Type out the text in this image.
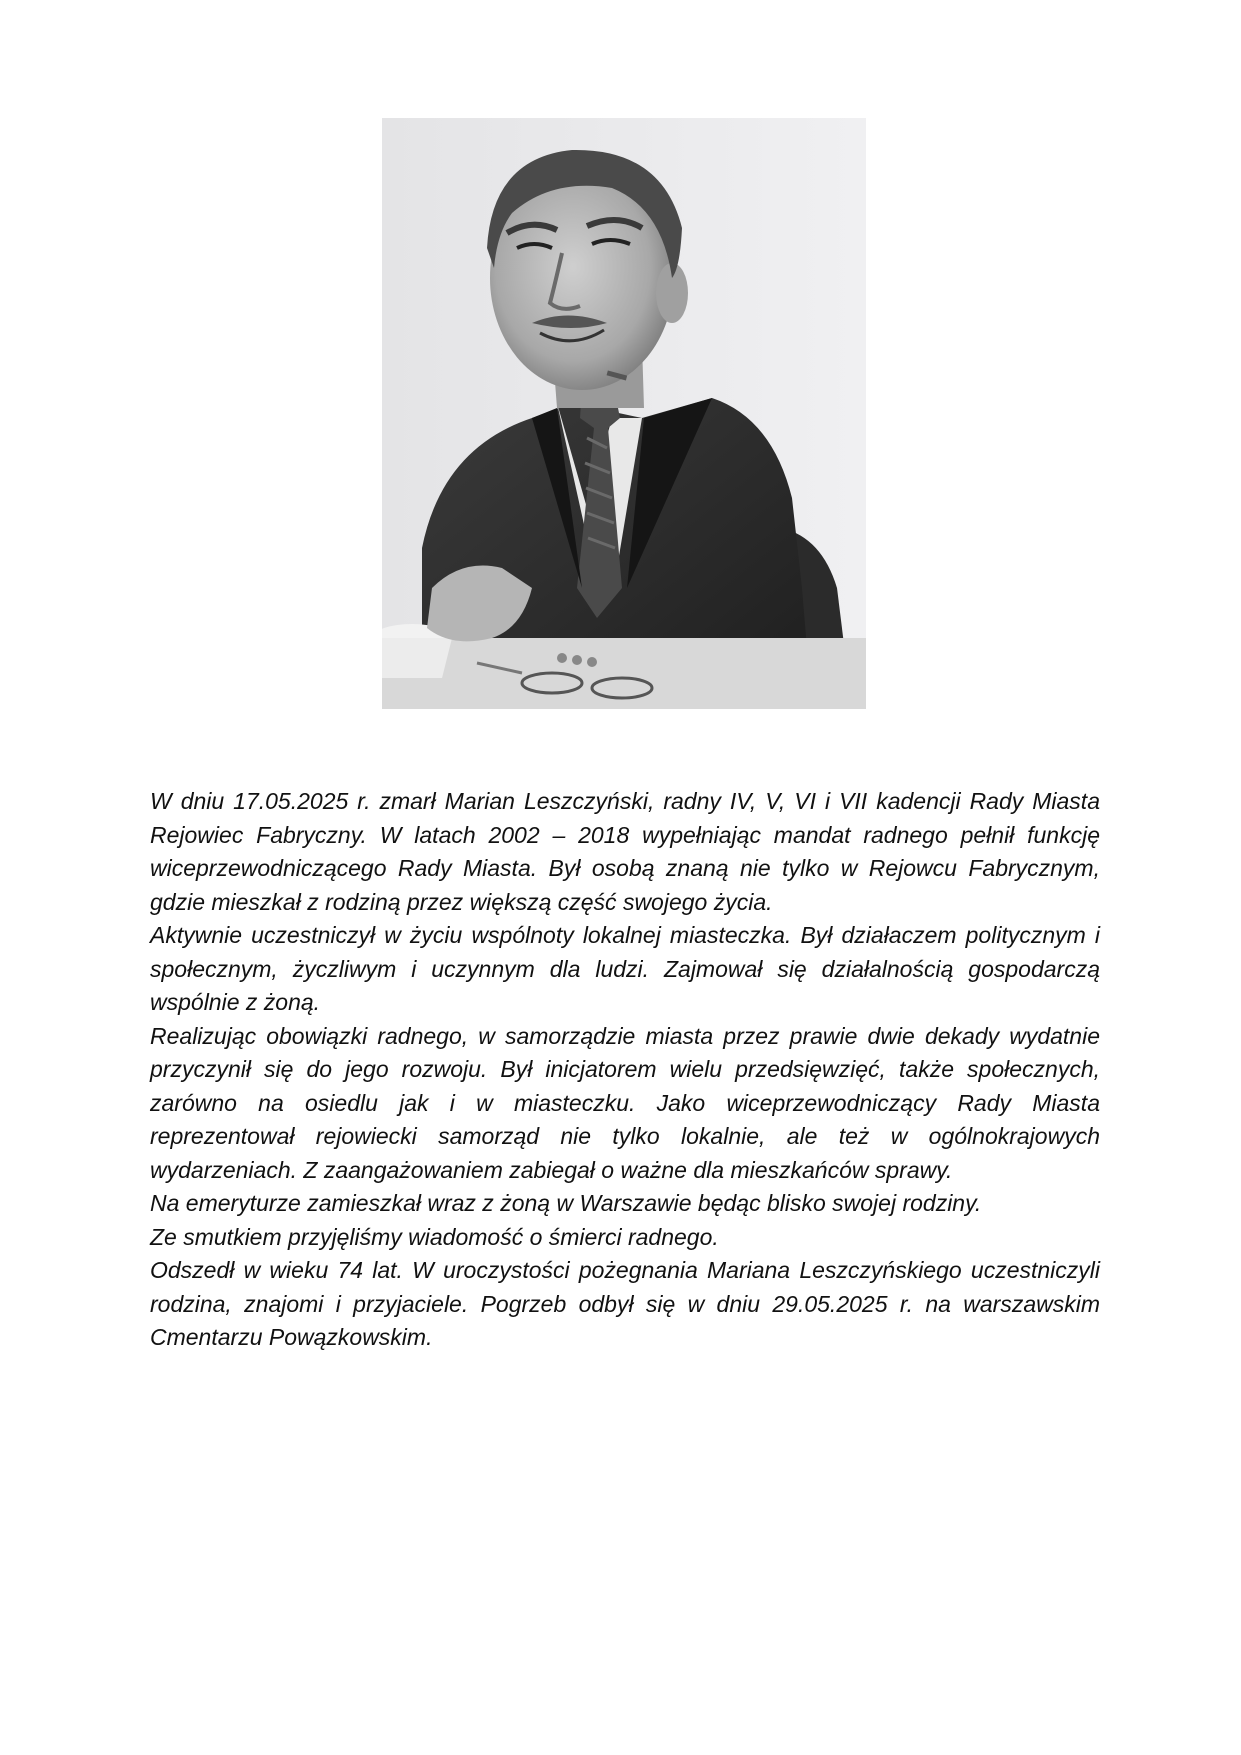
W dniu 17.05.2025 r. zmarł Marian Leszczyński, radny IV, V, VI i VII kadencji Rady Miasta Rejowiec Fabryczny. W latach 2002 – 2018 wypełniając mandat radnego pełnił funkcję wiceprzewodniczącego Rady Miasta. Był osobą znaną nie tylko w Rejowcu Fabrycznym, gdzie mieszkał z rodziną przez większą część swojego życia.

Aktywnie uczestniczył w życiu wspólnoty lokalnej miasteczka. Był działaczem politycznym i społecznym, życzliwym i uczynnym dla ludzi. Zajmował się działalnością gospodarczą wspólnie z żoną.

Realizując obowiązki radnego, w samorządzie miasta przez prawie dwie dekady wydatnie przyczynił się do jego rozwoju. Był inicjatorem wielu przedsięwzięć, także społecznych, zarówno na osiedlu jak i w miasteczku. Jako wiceprzewodniczący Rady Miasta reprezentował rejowiecki samorząd nie tylko lokalnie, ale też w ogólnokrajowych wydarzeniach. Z zaangażowaniem zabiegał o ważne dla mieszkańców sprawy.

Na emeryturze zamieszkał wraz z żoną w Warszawie będąc blisko swojej rodziny.

Ze smutkiem przyjęliśmy wiadomość o śmierci radnego.

Odszedł w wieku 74 lat. W uroczystości pożegnania Mariana Leszczyńskiego uczestniczyli rodzina, znajomi i przyjaciele. Pogrzeb odbył się w dniu 29.05.2025 r. na warszawskim Cmentarzu Powązkowskim.
